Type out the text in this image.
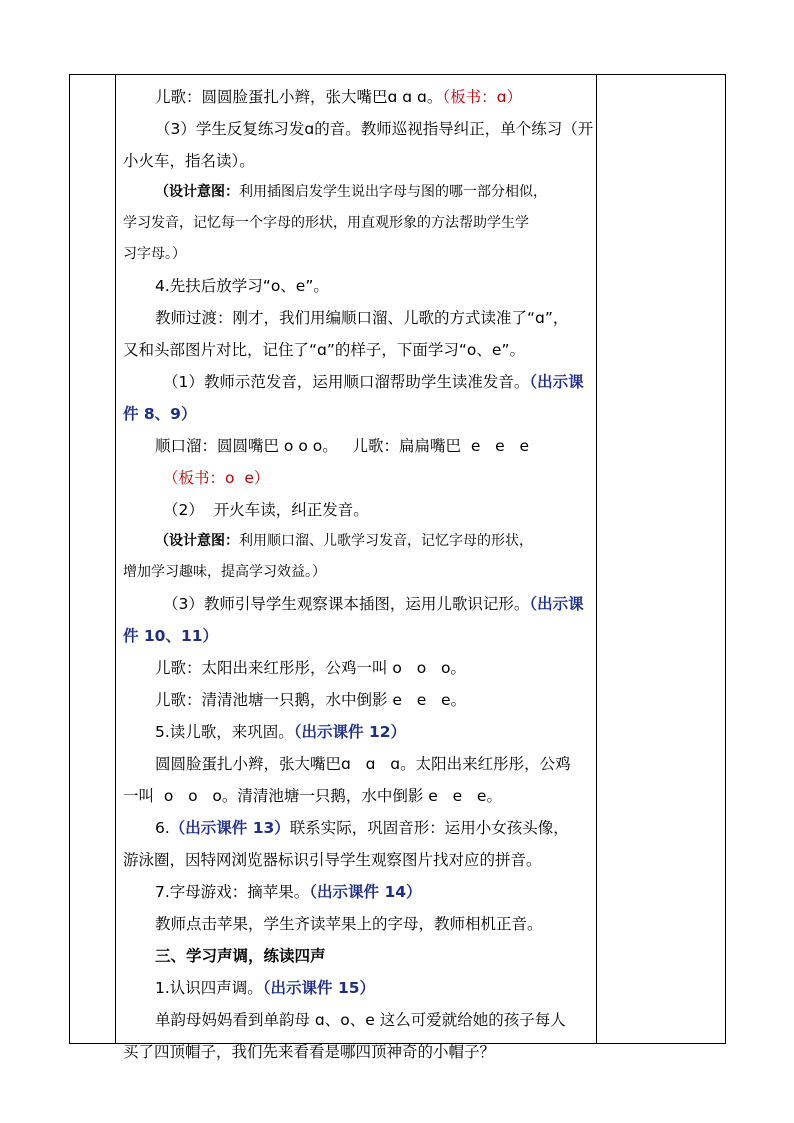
儿歌：圆圆脸蛋扎小辫，张大嘴巴ɑ ɑ ɑ。（板书：ɑ）

（3）学生反复练习发ɑ的音。教师巡视指导纠正，单个练习（开

小火车，指名读）。

（设计意图：利用插图启发学生说出字母与图的哪一部分相似，

学习发音，记忆每一个字母的形状，用直观形象的方法帮助学生学

习字母。）

4.先扶后放学习“o、e”。

教师过渡：刚才，我们用编顺口溜、儿歌的方式读准了“ɑ”，

又和头部图片对比，记住了“ɑ”的样子，下面学习“o、e”。

（1）教师示范发音，运用顺口溜帮助学生读准发音。（出示课

件 8、9）

顺口溜：圆圆嘴巴 o o o。   儿歌：扁扁嘴巴  e   e   e

（板书：o  e）

（2）  开火车读，纠正发音。

（设计意图：利用顺口溜、儿歌学习发音，记忆字母的形状，

增加学习趣味，提高学习效益。）

（3）教师引导学生观察课本插图，运用儿歌识记形。（出示课

件 10、11）

儿歌：太阳出来红彤彤，公鸡一叫 o   o   o。

儿歌：清清池塘一只鹅，水中倒影 e   e   e。

5.读儿歌，来巩固。（出示课件 12）

圆圆脸蛋扎小辫，张大嘴巴ɑ   ɑ   ɑ。太阳出来红彤彤，公鸡

一叫  o   o   o。清清池塘一只鹅，水中倒影 e   e   e。

6.（出示课件 13）联系实际，巩固音形：运用小女孩头像，

游泳圈，因特网浏览器标识引导学生观察图片找对应的拼音。

7.字母游戏：摘苹果。（出示课件 14）

教师点击苹果，学生齐读苹果上的字母，教师相机正音。

三、学习声调，练读四声

1.认识四声调。（出示课件 15）

单韵母妈妈看到单韵母 ɑ、o、e 这么可爱就给她的孩子每人

买了四顶帽子，我们先来看看是哪四顶神奇的小帽子？
